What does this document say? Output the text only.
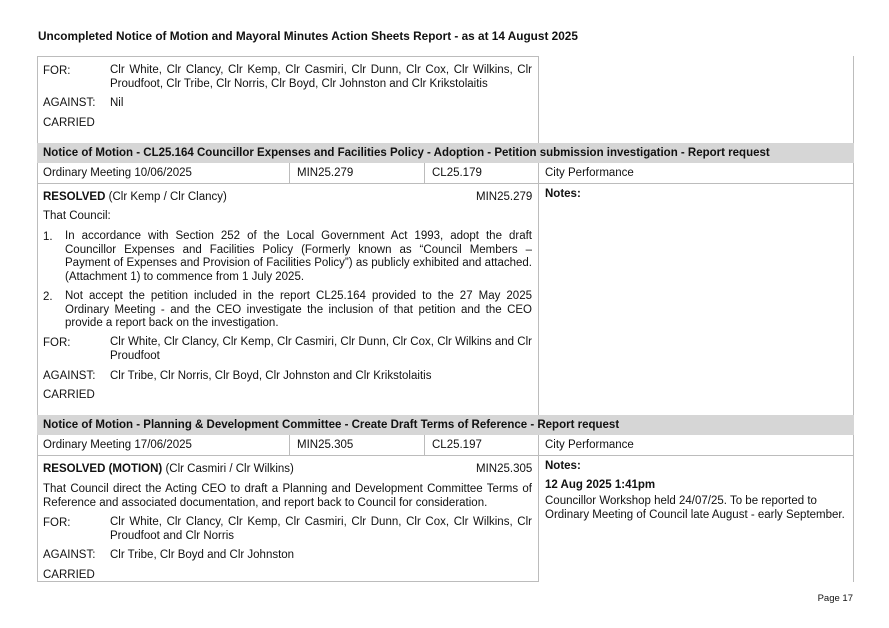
Uncompleted Notice of Motion and Mayoral Minutes Action Sheets Report - as at 14 August 2025
FOR:	Clr White, Clr Clancy, Clr Kemp, Clr Casmiri, Clr Dunn, Clr Cox, Clr Wilkins, Clr Proudfoot, Clr Tribe, Clr Norris, Clr Boyd, Clr Johnston and Clr Krikstolaitis
AGAINST: Nil
CARRIED
Notice of Motion - CL25.164 Councillor Expenses and Facilities Policy - Adoption - Petition submission investigation - Report request
Ordinary Meeting 10/06/2025	MIN25.279	CL25.179	City Performance
RESOLVED (Clr Kemp / Clr Clancy)	MIN25.279 Notes:
That Council:
1. In accordance with Section 252 of the Local Government Act 1993, adopt the draft Councillor Expenses and Facilities Policy (Formerly known as “Council Members – Payment of Expenses and Provision of Facilities Policy”) as publicly exhibited and attached. (Attachment 1) to commence from 1 July 2025.
2. Not accept the petition included in the report CL25.164 provided to the 27 May 2025 Ordinary Meeting - and the CEO investigate the inclusion of that petition and the CEO provide a report back on the investigation.
FOR:	Clr White, Clr Clancy, Clr Kemp, Clr Casmiri, Clr Dunn, Clr Cox, Clr Wilkins and Clr Proudfoot
AGAINST: Clr Tribe, Clr Norris, Clr Boyd, Clr Johnston and Clr Krikstolaitis
CARRIED
Notice of Motion - Planning & Development Committee - Create Draft Terms of Reference - Report request
Ordinary Meeting 17/06/2025	MIN25.305	CL25.197	City Performance
RESOLVED (MOTION) (Clr Casmiri / Clr Wilkins)	MIN25.305 Notes:
12 Aug 2025 1:41pm
Councillor Workshop held 24/07/25. To be reported to Ordinary Meeting of Council late August - early September.
That Council direct the Acting CEO to draft a Planning and Development Committee Terms of Reference and associated documentation, and report back to Council for consideration.
FOR:	Clr White, Clr Clancy, Clr Kemp, Clr Casmiri, Clr Dunn, Clr Cox, Clr Wilkins, Clr Proudfoot and Clr Norris
AGAINST: Clr Tribe, Clr Boyd and Clr Johnston
CARRIED
Page 17
